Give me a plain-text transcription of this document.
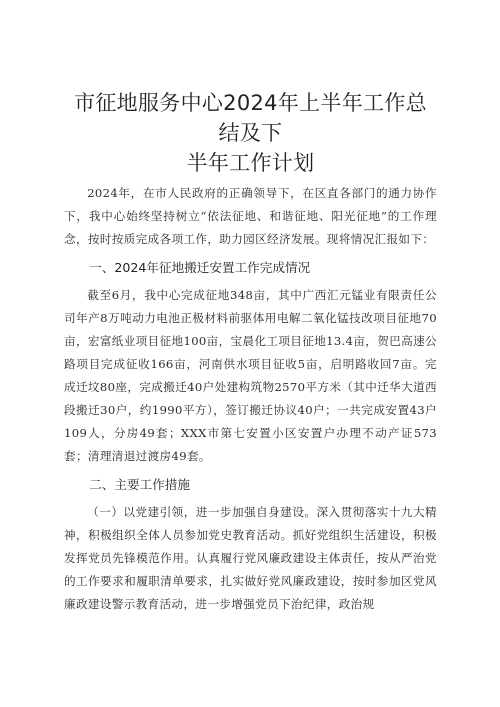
市征地服务中心2024年上半年工作总结及下
半年工作计划

2024年，在市人民政府的正确领导下，在区直各部门的通力协作下，我中心始终坚持树立“依法征地、和谐征地、阳光征地”的工作理念，按时按质完成各项工作，助力园区经济发展。现将情况汇报如下：

一、2024年征地搬迁安置工作完成情况

截至6月，我中心完成征地348亩，其中广西汇元锰业有限责任公司年产8万吨动力电池正极材料前驱体用电解二氧化锰技改项目征地70亩，宏富纸业项目征地100亩，宝晨化工项目征地13.4亩，贺巴高速公路项目完成征收166亩，河南供水项目征收5亩，启明路收回7亩。完成迁坟80座，完成搬迁40户处建构筑物2570平方米（其中迁华大道西段搬迁30户，约1990平方），签订搬迁协议40户；一共完成安置43户109人，分房49套；XXX市第七安置小区安置户办理不动产证573套；清理清退过渡房49套。

二、主要工作措施

（一）以党建引领，进一步加强自身建设。深入贯彻落实十九大精神，积极组织全体人员参加党史教育活动。抓好党组织生活建设，积极发挥党员先锋模范作用。认真履行党风廉政建设主体责任，按从严治党的工作要求和履职清单要求，扎实做好党风廉政建设，按时参加区党风廉政建设警示教育活动，进一步增强党员下治纪律，政治规
